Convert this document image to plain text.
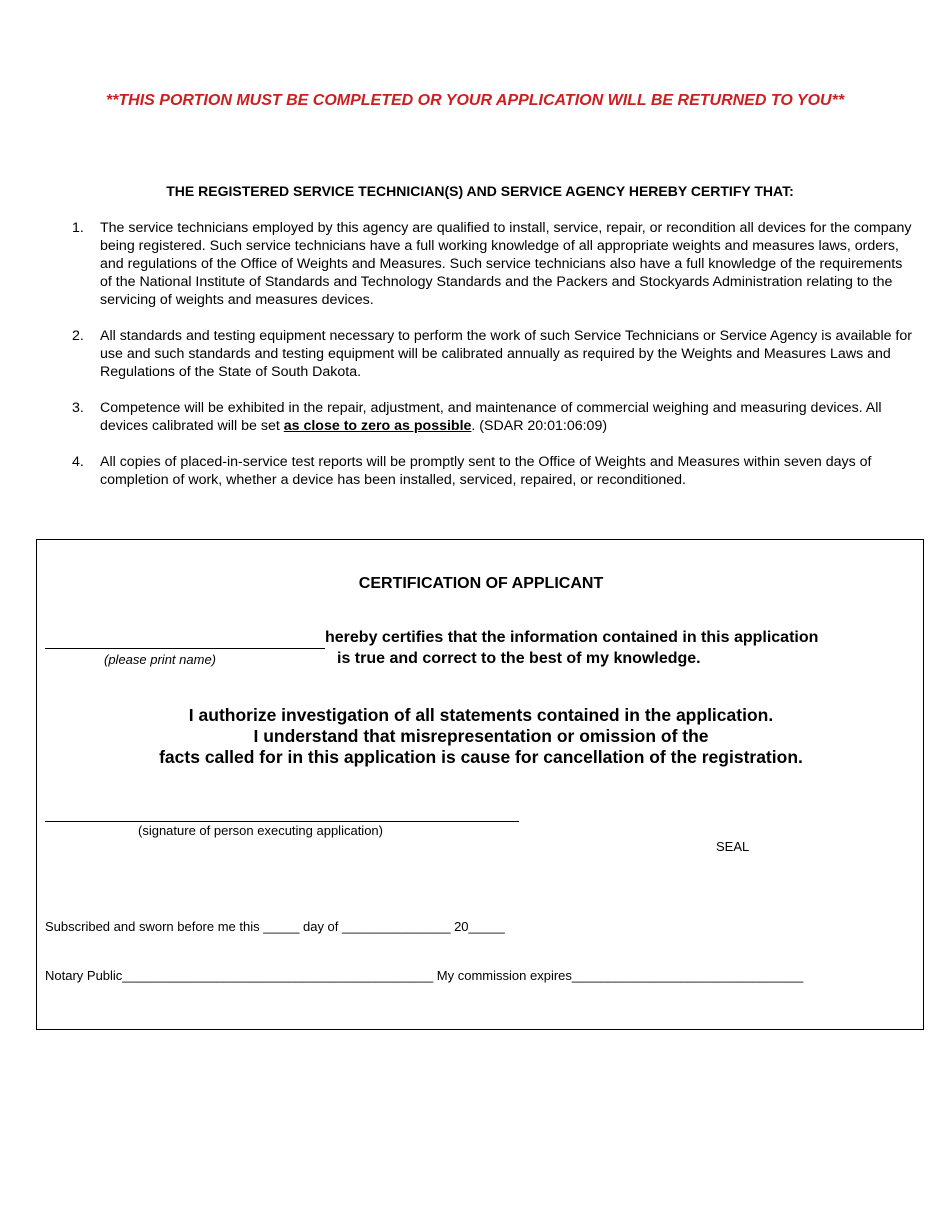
**THIS PORTION MUST BE COMPLETED OR YOUR APPLICATION WILL BE RETURNED TO YOU**
THE REGISTERED SERVICE TECHNICIAN(S) AND SERVICE AGENCY HEREBY CERTIFY THAT:
1. The service technicians employed by this agency are qualified to install, service, repair, or recondition all devices for the company being registered. Such service technicians have a full working knowledge of all appropriate weights and measures laws, orders, and regulations of the Office of Weights and Measures. Such service technicians also have a full knowledge of the requirements of the National Institute of Standards and Technology Standards and the Packers and Stockyards Administration relating to the servicing of weights and measures devices.
2. All standards and testing equipment necessary to perform the work of such Service Technicians or Service Agency is available for use and such standards and testing equipment will be calibrated annually as required by the Weights and Measures Laws and Regulations of the State of South Dakota.
3. Competence will be exhibited in the repair, adjustment, and maintenance of commercial weighing and measuring devices. All devices calibrated will be set as close to zero as possible. (SDAR 20:01:06:09)
4. All copies of placed-in-service test reports will be promptly sent to the Office of Weights and Measures within seven days of completion of work, whether a device has been installed, serviced, repaired, or reconditioned.
CERTIFICATION OF APPLICANT
hereby certifies that the information contained in this application
(please print name)	is true and correct to the best of my knowledge.
I authorize investigation of all statements contained in the application.
I understand that misrepresentation or omission of the
facts called for in this application is cause for cancellation of the registration.
(signature of person executing application)
SEAL
Subscribed and sworn before me this _____ day of _______________ 20_____
Notary Public___________________________________________ My commission expires________________________________
